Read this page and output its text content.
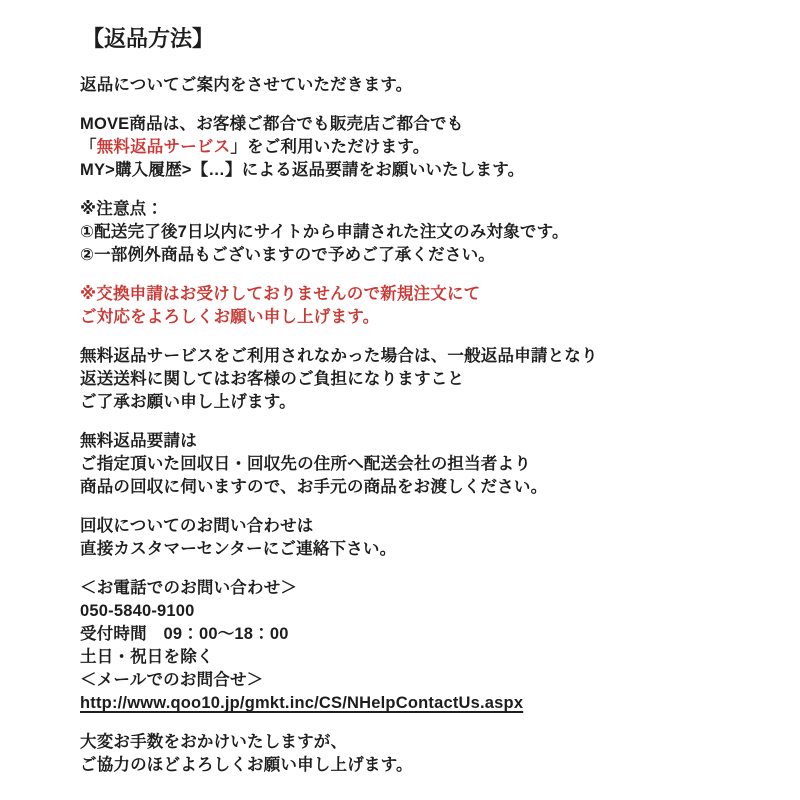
【返品方法】

返品についてご案内をさせていただきます。

MOVE商品は、お客様ご都合でも販売店ご都合でも
「無料返品サービス」をご利用いただけます。
MY>購入履歴>【…】による返品要請をお願いいたします。

※注意点：
①配送完了後7日以内にサイトから申請された注文のみ対象です。
②一部例外商品もございますので予めご了承ください。

※交換申請はお受けしておりませんので新規注文にて
ご対応をよろしくお願い申し上げます。

無料返品サービスをご利用されなかった場合は、一般返品申請となり
返送送料に関してはお客様のご負担になりますこと
ご了承お願い申し上げます。

無料返品要請は
ご指定頂いた回収日・回収先の住所へ配送会社の担当者より
商品の回収に伺いますので、お手元の商品をお渡しください。

回収についてのお問い合わせは
直接カスタマーセンターにご連絡下さい。

＜お電話でのお問い合わせ＞
050-5840-9100
受付時間　09：00〜18：00
土日・祝日を除く
＜メールでのお問合せ＞
http://www.qoo10.jp/gmkt.inc/CS/NHelpContactUs.aspx

大変お手数をおかけいたしますが、
ご協力のほどよろしくお願い申し上げます。
